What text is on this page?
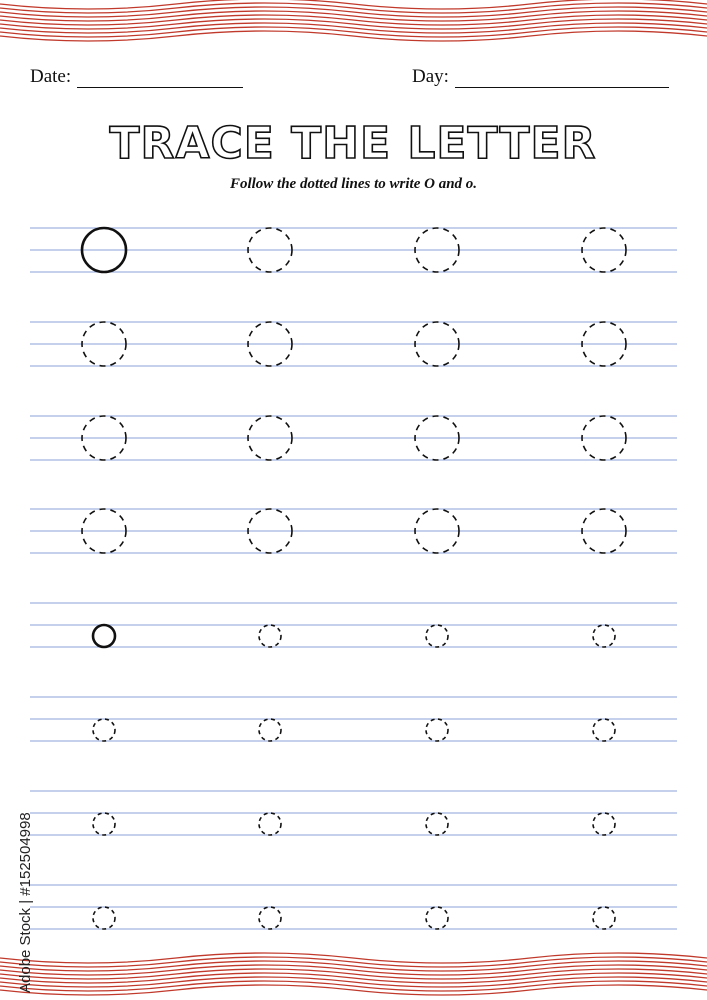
Date:	Day:
TRACE THE LETTER
Follow the dotted lines to write O and o.
Adobe Stock | #152504998
